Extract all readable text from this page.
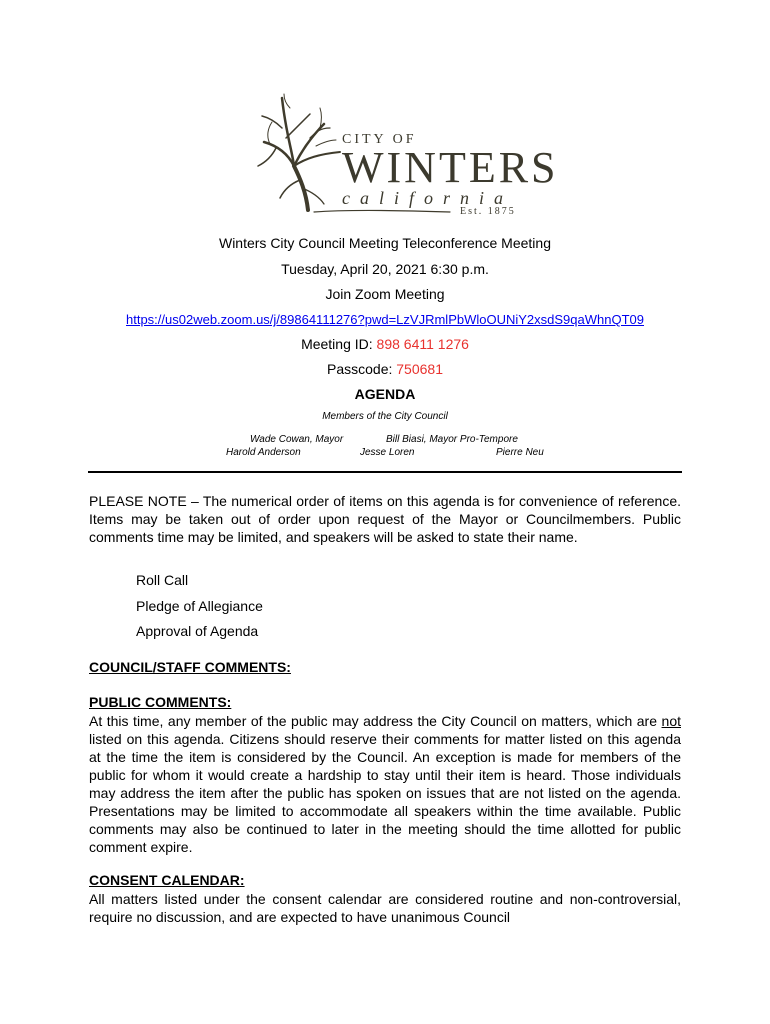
CITY OF
WINTERS
california
Est. 1875
Winters City Council Meeting Teleconference Meeting
Tuesday, April 20, 2021 6:30 p.m.
Join Zoom Meeting
https://us02web.zoom.us/j/89864111276?pwd=LzVJRmlPbWloOUNiY2xsdS9qaWhnQT09
Meeting ID: 898 6411 1276
Passcode: 750681
AGENDA
Members of the City Council
Wade Cowan, Mayor	Bill Biasi, Mayor Pro-Tempore
Harold Anderson	Jesse Loren	Pierre Neu
PLEASE NOTE – The numerical order of items on this agenda is for convenience of reference. Items may be taken out of order upon request of the Mayor or Councilmembers. Public comments time may be limited, and speakers will be asked to state their name.
Roll Call
Pledge of Allegiance
Approval of Agenda
COUNCIL/STAFF COMMENTS:
PUBLIC COMMENTS:
At this time, any member of the public may address the City Council on matters, which are not listed on this agenda. Citizens should reserve their comments for matter listed on this agenda at the time the item is considered by the Council. An exception is made for members of the public for whom it would create a hardship to stay until their item is heard. Those individuals may address the item after the public has spoken on issues that are not listed on the agenda. Presentations may be limited to accommodate all speakers within the time available. Public comments may also be continued to later in the meeting should the time allotted for public comment expire.
CONSENT CALENDAR:
All matters listed under the consent calendar are considered routine and non-controversial, require no discussion, and are expected to have unanimous Council
